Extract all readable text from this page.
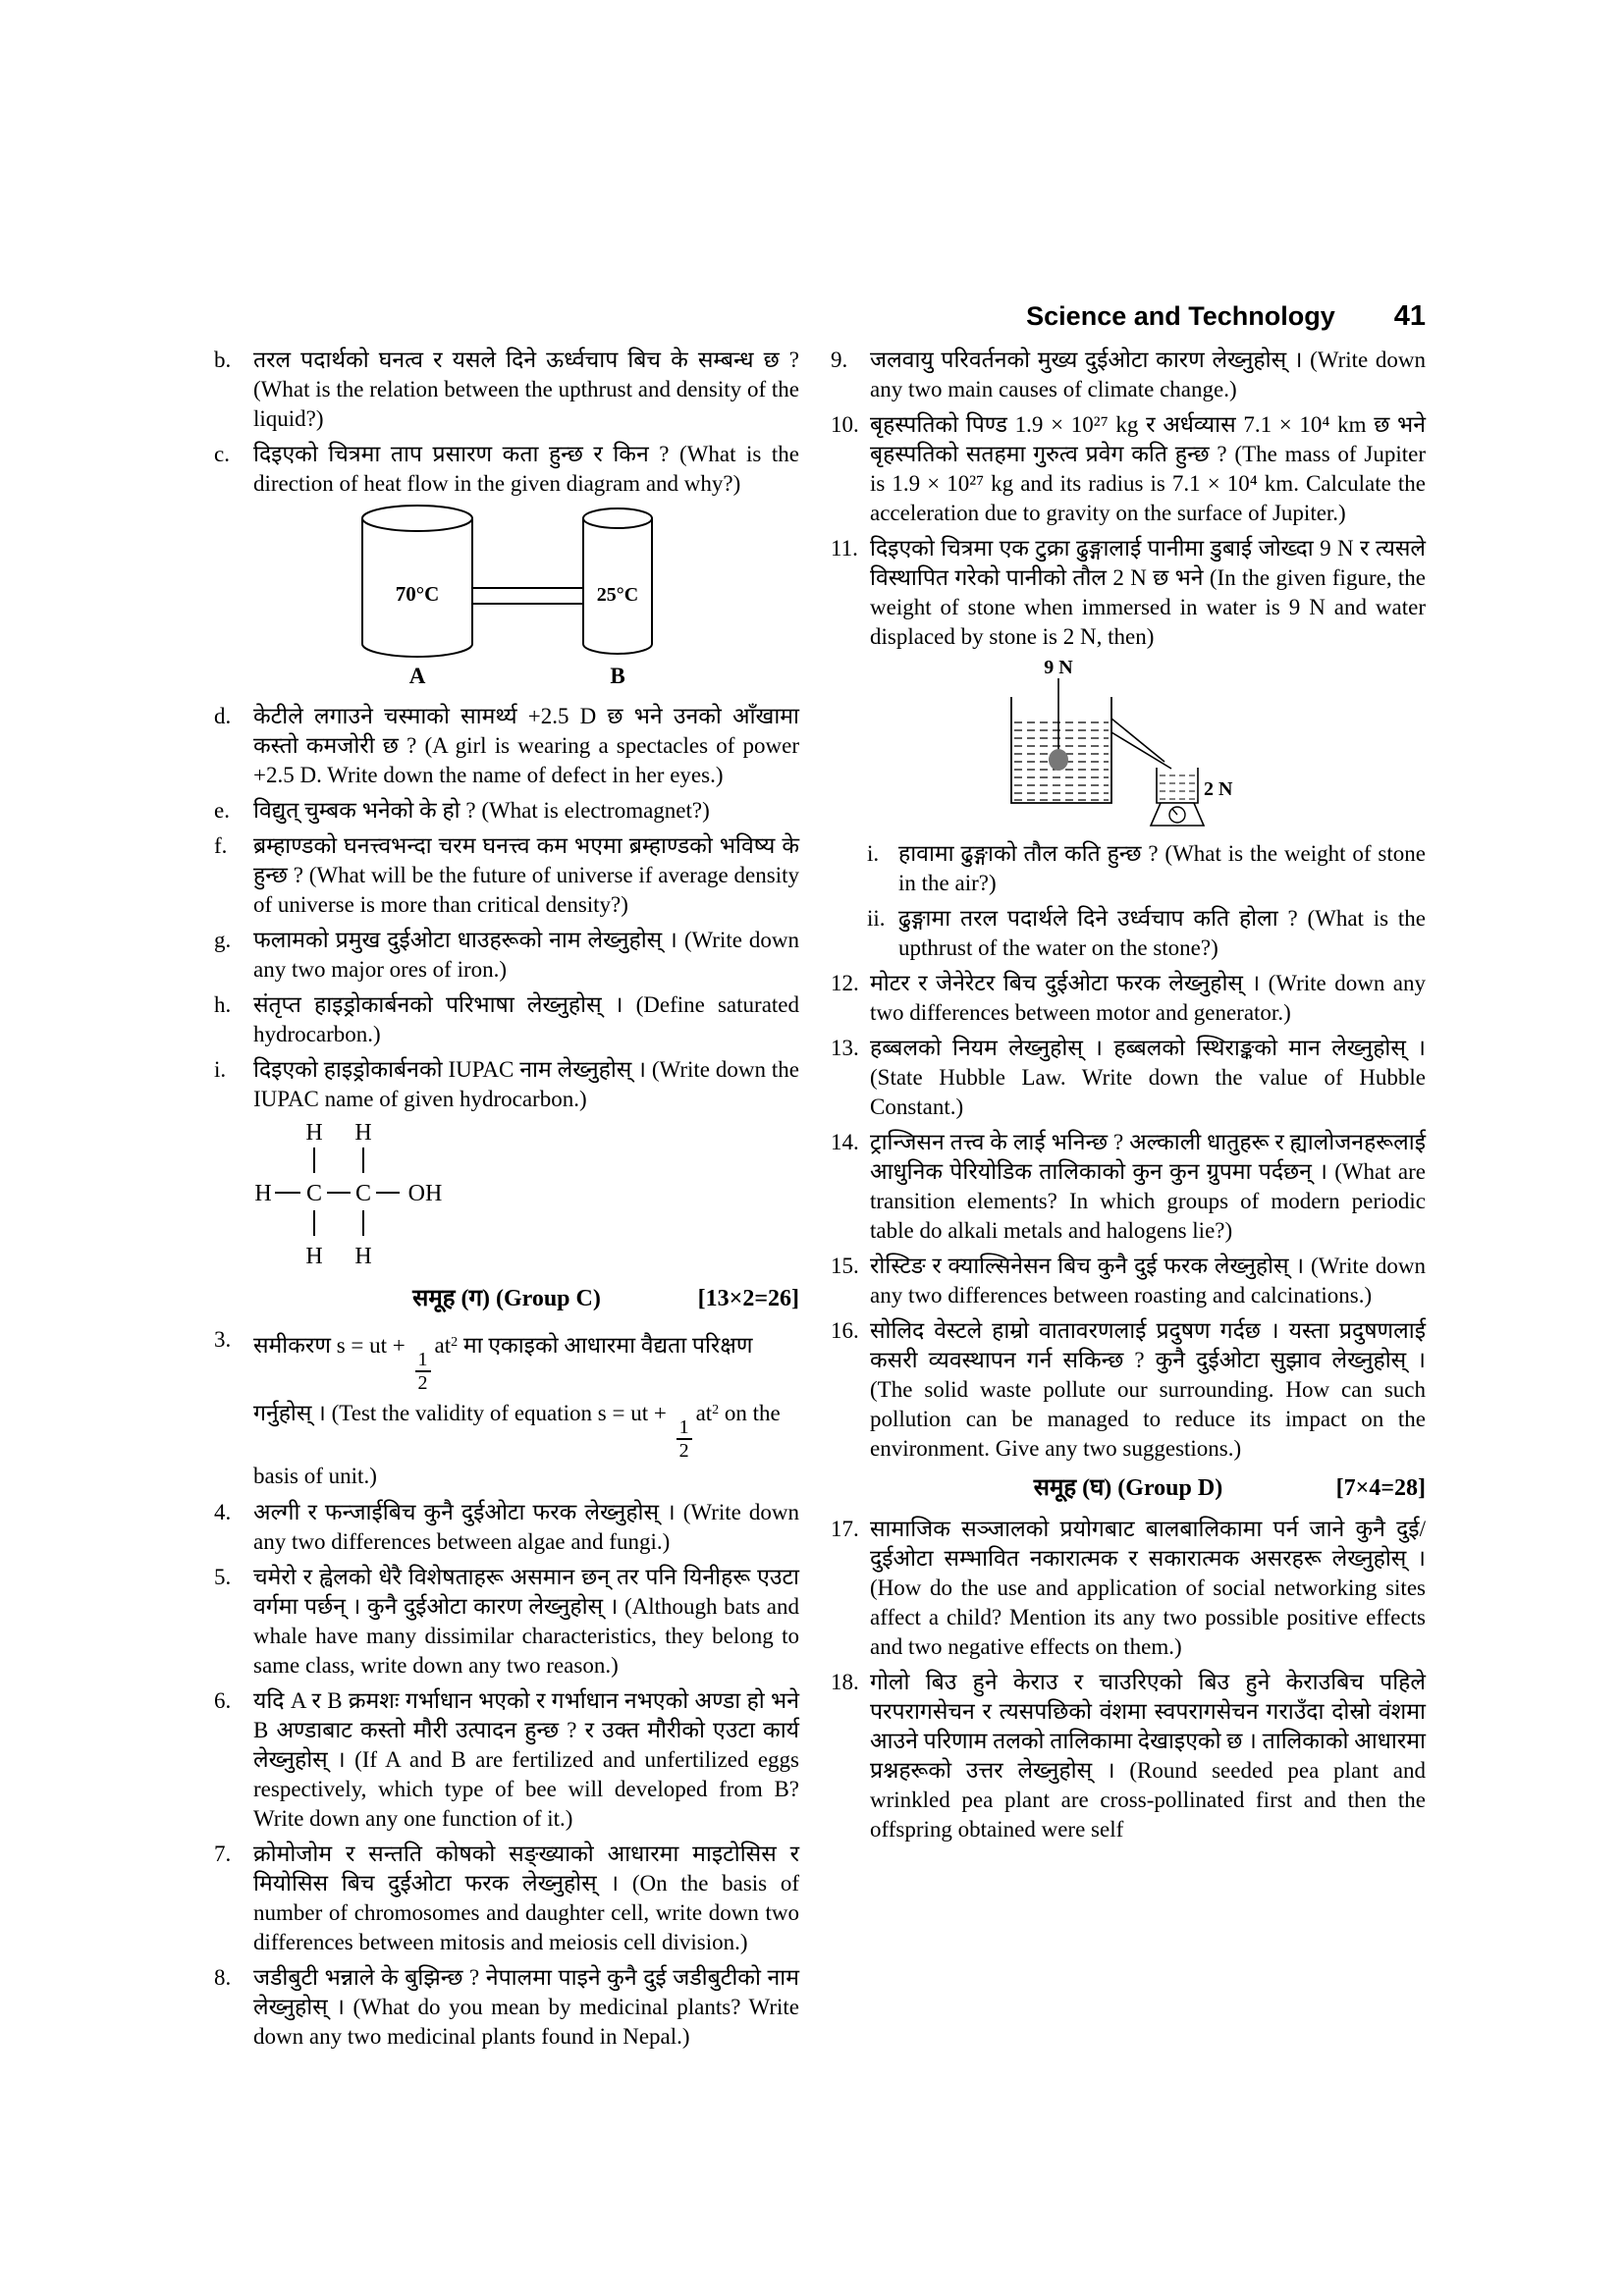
Science and Technology 41
b. तरल पदार्थको घनत्व र यसले दिने ऊर्ध्वचाप बिच के सम्बन्ध छ ? (What is the relation between the upthrust and density of the liquid?)
c.	दिइएको चित्रमा ताप प्रसारण कता हुन्छ र किन ? (What is the direction of heat flow in the given diagram and why?)
70°C	25°C
A	B
d. केटीले लगाउने चस्माको सामर्थ्य +2.5 D छ भने उनको आँखामा कस्तो कमजोरी छ ? (A girl is wearing a spectacles of power +2.5 D. Write down the name of defect in her eyes.)
e.	विद्युत् चुम्बक भनेको के हो ? (What is electromagnet?)
f.	ब्रम्हाण्डको घनत्त्वभन्दा चरम घनत्त्व कम भएमा ब्रम्हाण्डको भविष्य के हुन्छ ? (What will be the future of universe if average density of universe is more than critical density?)
g. फलामको प्रमुख दुईओटा धाउहरूको नाम लेख्नुहोस् । (Write down any two major ores of iron.)
h. संतृप्त हाइड्रोकार्बनको परिभाषा लेख्नुहोस् । (Define saturated hydrocarbon.)
i.	दिइएको हाइड्रोकार्बनको IUPAC नाम लेख्नुहोस् । (Write down the IUPAC name of given hydrocarbon.)
H H
H C C OH
H H
समूह (ग) (Group C)	[13×2=26]
3. समीकरण s = ut +
$\frac{1}{2}$
$at^2$ मा एकाइको आधारमा वैद्यता परिक्षण
गर्नुहोस् । (Test the validity of equation s = ut +
$\frac{1}{2}$
$at^2$ on the
basis of unit.)
4. अल्गी र फन्जाईबिच कुनै दुईओटा फरक लेख्नुहोस् । (Write down any two differences between algae and fungi.)
5. चमेरो र ह्वेलको धेरै विशेषताहरू असमान छन् तर पनि यिनीहरू एउटा वर्गमा पर्छन् । कुनै दुईओटा कारण लेख्नुहोस् । (Although bats and whale have many dissimilar characteristics, they belong to same class, write down any two reason.)
6. यदि A र B क्रमशः गर्भाधान भएको र गर्भाधान नभएको अण्डा हो भने B अण्डाबाट कस्तो मौरी उत्पादन हुन्छ ? र उक्त मौरीको एउटा कार्य लेख्नुहोस् । (If A and B are fertilized and unfertilized eggs respectively, which type of bee will developed from B? Write down any one function of it.)
7. क्रोमोजोम र सन्तति कोषको सङ्ख्याको आधारमा माइटोसिस र मियोसिस बिच दुईओटा फरक लेख्नुहोस् । (On the basis of number of chromosomes and daughter cell, write down two differences between mitosis and meiosis cell division.)
8. जडीबुटी भन्नाले के बुझिन्छ ? नेपालमा पाइने कुनै दुई जडीबुटीको नाम लेख्नुहोस् । (What do you mean by medicinal plants? Write down any two medicinal plants found in Nepal.)
9. जलवायु परिवर्तनको मुख्य दुईओटा कारण लेख्नुहोस् । (Write down any two main causes of climate change.)
10. बृहस्पतिको पिण्ड 1.9 × 10²⁷ kg र अर्धव्यास 7.1 × 10⁴ km छ भने बृहस्पतिको सतहमा गुरुत्व प्रवेग कति हुन्छ ? (The mass of Jupiter is 1.9 × 10²⁷ kg and its radius is 7.1 × 10⁴ km. Calculate the acceleration due to gravity on the surface of Jupiter.)
11. दिइएको चित्रमा एक टुक्रा ढुङ्गालाई पानीमा डुबाई जोख्दा 9 N र त्यसले विस्थापित गरेको पानीको तौल 2 N छ भने (In the given figure, the weight of stone when immersed in water is 9 N and water displaced by stone is 2 N, then)
9 N
2 N
i. हावामा ढुङ्गाको तौल कति हुन्छ ? (What is the weight of stone in the air?)
ii. ढुङ्गामा तरल पदार्थले दिने उर्ध्वचाप कति होला ? (What is the upthrust of the water on the stone?)
12. मोटर र जेनेरेटर बिच दुईओटा फरक लेख्नुहोस् । (Write down any two differences between motor and generator.)
13. हब्बलको नियम लेख्नुहोस् । हब्बलको स्थिराङ्कको मान लेख्नुहोस् । (State Hubble Law. Write down the value of Hubble Constant.)
14. ट्रान्जिसन तत्त्व के लाई भनिन्छ ? अल्काली धातुहरू र ह्यालोजनहरूलाई आधुनिक पेरियोडिक तालिकाको कुन कुन ग्रुपमा पर्दछन् । (What are transition elements? In which groups of modern periodic table do alkali metals and halogens lie?)
15. रोस्टिङ र क्याल्सिनेसन बिच कुनै दुई फरक लेख्नुहोस् । (Write down any two differences between roasting and calcinations.)
16. सोलिद वेस्टले हाम्रो वातावरणलाई प्रदुषण गर्दछ । यस्ता प्रदुषणलाई कसरी व्यवस्थापन गर्न सकिन्छ ? कुनै दुईओटा सुझाव लेख्नुहोस् । (The solid waste pollute our surrounding. How can such pollution can be managed to reduce its impact on the environment. Give any two suggestions.)
समूह (घ) (Group D)	[7×4=28]
17. सामाजिक सञ्जालको प्रयोगबाट बालबालिकामा पर्न जाने कुनै दुई/दुईओटा सम्भावित नकारात्मक र सकारात्मक असरहरू लेख्नुहोस् । (How do the use and application of social networking sites affect a child? Mention its any two possible positive effects and two negative effects on them.)
18. गोलो बिउ हुने केराउ र चाउरिएको बिउ हुने केराउबिच पहिले परपरागसेचन र त्यसपछिको वंशमा स्वपरागसेचन गराउँदा दोस्रो वंशमा आउने परिणाम तलको तालिकामा देखाइएको छ । तालिकाको आधारमा प्रश्नहरूको उत्तर लेख्नुहोस् । (Round seeded pea plant and wrinkled pea plant are cross-pollinated first and then the offspring obtained were self
